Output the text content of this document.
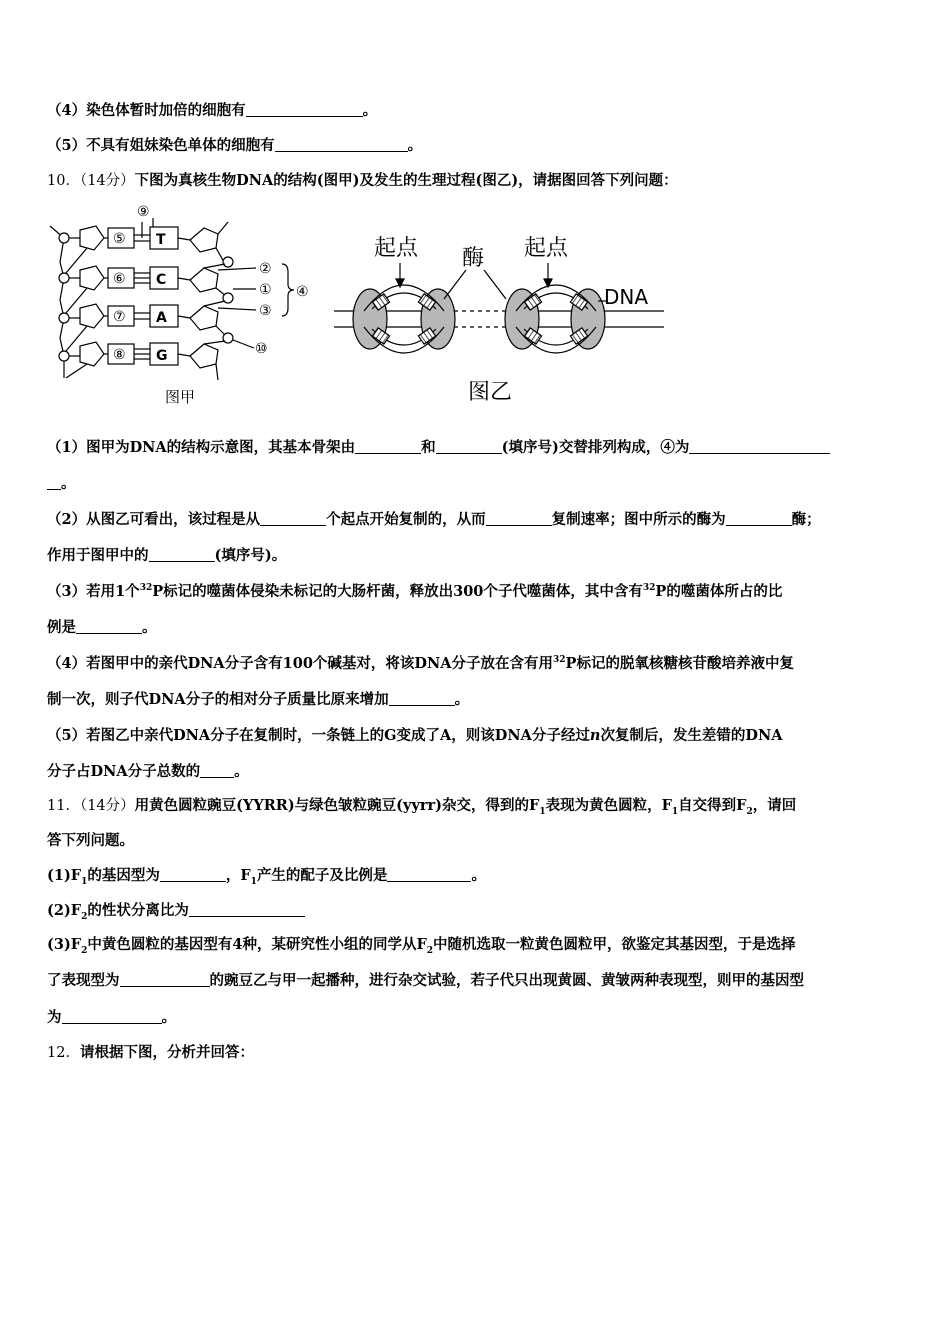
（4）染色体暂时加倍的细胞有	。
（5）不具有姐妹染色单体的细胞有	。
10．（14分）下图为真核生物DNA的结构(图甲)及发生的生理过程(图乙)，请据图回答下列问题：
⑤
⑥
⑦
⑧
⑨
②
①
③
④
⑩
T
C
A
G
图甲
起点	起点
酶
DNA
图乙
（1）图甲为DNA的结构示意图，其基本骨架由	和	(填序号)交替排列构成，④为
。
（2）从图乙可看出，该过程是从	个起点开始复制的，从而	复制速率；图中所示的酶为	酶；
作用于图甲中的	(填序号)。
（3）若用1个$^{32}$P标记的噬菌体侵染未标记的大肠杆菌，释放出300个子代噬菌体，其中含有$^{32}$P的噬菌体所占的比
例是	。
（4）若图甲中的亲代DNA分子含有100个碱基对，将该DNA分子放在含有用$^{32}$P标记的脱氧核糖核苷酸培养液中复
制一次，则子代DNA分子的相对分子质量比原来增加	。
（5）若图乙中亲代DNA分子在复制时，一条链上的G变成了A，则该DNA分子经过n次复制后，发生差错的DNA
分子占DNA分子总数的 。
11．（14分）用黄色圆粒豌豆(YYRR)与绿色皱粒豌豆(yyrr)杂交，得到的$F_1$表现为黄色圆粒，$F_1$自交得到$F_2$，请回
答下列问题。
$(1)F_1$的基因型为	，$F_1$产生的配子及比例是	。
$(2)F_2$的性状分离比为
$(3)F_2$中黄色圆粒的基因型有4种，某研究性小组的同学从$F_2$中随机选取一粒黄色圆粒甲，欲鉴定其基因型，于是选择
了表现型为	的豌豆乙与甲一起播种，进行杂交试验，若子代只出现黄圆、黄皱两种表现型，则甲的基因型
为	。
12．请根据下图，分析并回答：
